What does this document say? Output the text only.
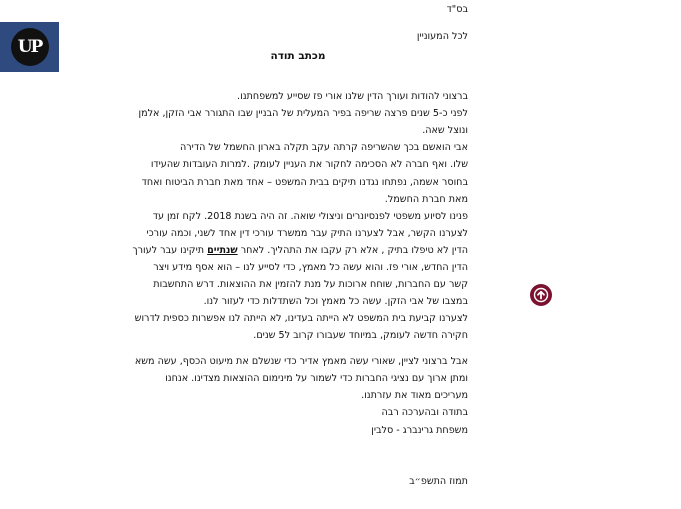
UP
בס"ד
לכל המעוניין
מכתב תודה
ברצוני להודות ועורך הדין שלנו אורי פז שסייע למשפחתנו.
לפני כ-5 שנים פרצה שריפה בפיר המעלית של הבניין שבו התגורר אבי הזקן, אלמן
ונוצל שאה.
אבי הואשם בכך שהשריפה קרתה עקב תקלה בארון החשמל של הדירה
שלו. ואף חברה לא הסכימה לחקור את העניין לעומק .למרות העובדות שהעידו
בחוסר אשמה, נפתחו נגדנו תיקים בבית המשפט – אחד מאת חברת הביטוח ואחד
מאת חברת החשמל.
פנינו לסיוע משפטי לפנסיונרים וניצולי שואה. זה היה בשנת 2018. לקח זמן עד
לצערנו הקשר, אבל לצערנו התיק עבר ממשרד עורכי דין אחד לשני, וכמה עורכי
הדין לא טיפלו בתיק , אלא רק עקבו את התהליך. לאחר שנתיים תיקינו עבר לעורך
הדין החדש, אורי פז. והוא עשה כל מאמץ, כדי לסייע לנו – הוא אסף מידע ויצר
קשר עם החברות, שוחח ארוכות על מנת להזמין את ההוצאות. דרש התחשבות
במצבו של אבי הזקן. עשה כל מאמץ וכל השתדלות כדי לעזור לנו.
לצערנו קביעת בית המשפט לא הייתה בעדינו, לא הייתה לנו אפשרות כספית לדרוש
חקירה חדשה לעומק, במיוחד שעבורו קרוב ל5 שנים.
אבל ברצוני לציין, שאורי עשה מאמץ אדיר כדי שנשלם את מיעוט הכסף, עשה משא
ומתן ארוך עם נציגי החברות כדי לשמור על מינימום ההוצאות מצדינו. אנחנו
מעריכים מאוד את עזרתנו.
בתודה ובהערכה רבה
משפחת גרינברג - סלבין
תמוז התשפ״ב
